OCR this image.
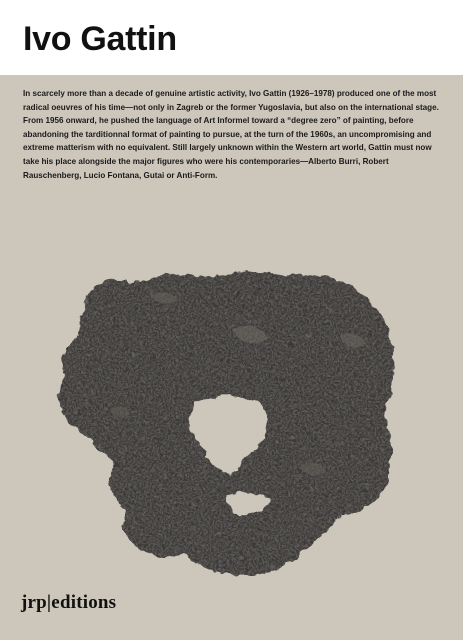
Ivo Gattin

In scarcely more than a decade of genuine artistic activity, Ivo Gattin (1926–1978) produced one of the most radical oeuvres of his time—not only in Zagreb or the former Yugoslavia, but also on the international stage. From 1956 onward, he pushed the language of Art Informel toward a “degree zero” of painting, before abandoning the tarditionnal format of painting to pursue, at the turn of the 1960s, an uncompromising and extreme matterism with no equivalent. Still largely unknown within the Western art world, Gattin must now take his place alongside the major figures who were his contemporaries—Alberto Burri, Robert Rauschenberg, Lucio Fontana, Gutai or Anti-Form.

jrp|editions
